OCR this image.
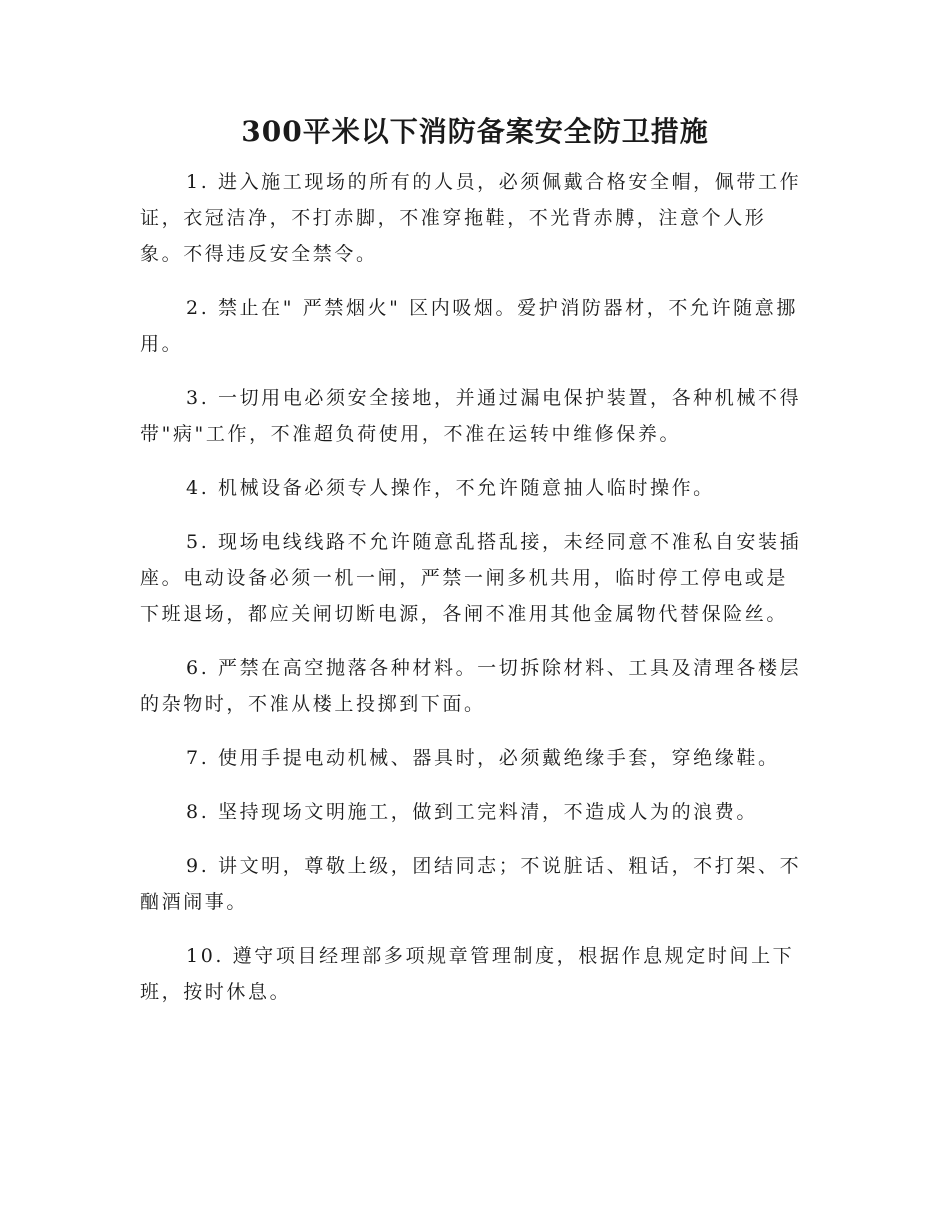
300平米以下消防备案安全防卫措施

1. 进入施工现场的所有的人员，必须佩戴合格安全帽，佩带工作证，衣冠洁净，不打赤脚，不准穿拖鞋，不光背赤膊，注意个人形象。不得违反安全禁令。

2. 禁止在" 严禁烟火" 区内吸烟。爱护消防器材，不允许随意挪用。

3. 一切用电必须安全接地，并通过漏电保护装置，各种机械不得带"病"工作，不准超负荷使用，不准在运转中维修保养。

4. 机械设备必须专人操作，不允许随意抽人临时操作。

5. 现场电线线路不允许随意乱搭乱接，未经同意不准私自安装插座。电动设备必须一机一闸，严禁一闸多机共用，临时停工停电或是下班退场，都应关闸切断电源，各闸不准用其他金属物代替保险丝。

6. 严禁在高空抛落各种材料。一切拆除材料、工具及清理各楼层的杂物时，不准从楼上投掷到下面。

7. 使用手提电动机械、器具时，必须戴绝缘手套，穿绝缘鞋。

8. 坚持现场文明施工，做到工完料清，不造成人为的浪费。

9. 讲文明，尊敬上级，团结同志；不说脏话、粗话，不打架、不酗酒闹事。

10. 遵守项目经理部多项规章管理制度，根据作息规定时间上下班，按时休息。
